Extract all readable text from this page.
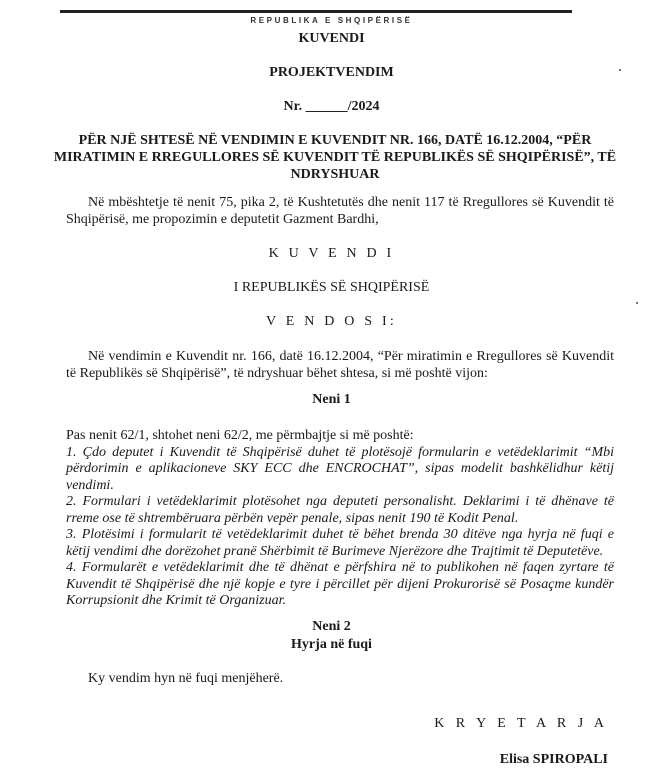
REPUBLIKA E SHQIPËRISË
KUVENDI
PROJEKTVENDIM
Nr. ______/2024
PËR NJË SHTESË NË VENDIMIN E KUVENDIT NR. 166, DATË 16.12.2004, “PËR MIRATIMIN E RREGULLORES SË KUVENDIT TË REPUBLIKËS SË SHQIPËRISË”, TË NDRYSHUAR
Në mbështetje të nenit 75, pika 2, të Kushtetutës dhe nenit 117 të Rregullores së Kuvendit të Shqipërisë, me propozimin e deputetit Gazment Bardhi,
K U V E N D I
I REPUBLIKËS SË SHQIPËRISË
V E N D O S I:
Në vendimin e Kuvendit nr. 166, datë 16.12.2004, “Për miratimin e Rregullores së Kuvendit të Republikës së Shqipërisë”, të ndryshuar bëhet shtesa, si më poshtë vijon:
Neni 1
Pas nenit 62/1, shtohet neni 62/2, me përmbajtje si më poshtë:
1. Çdo deputet i Kuvendit të Shqipërisë duhet të plotësojë formularin e vetëdeklarimit “Mbi përdorimin e aplikacioneve SKY ECC dhe ENCROCHAT”, sipas modelit bashkëlidhur këtij vendimi.
2. Formulari i vetëdeklarimit plotësohet nga deputeti personalisht. Deklarimi i të dhënave të rreme ose të shtrembëruara përbën vepër penale, sipas nenit 190 të Kodit Penal.
3. Plotësimi i formularit të vetëdeklarimit duhet të bëhet brenda 30 ditëve nga hyrja në fuqi e këtij vendimi dhe dorëzohet pranë Shërbimit të Burimeve Njerëzore dhe Trajtimit të Deputetëve.
4. Formularët e vetëdeklarimit dhe të dhënat e përfshira në to publikohen në faqen zyrtare të Kuvendit të Shqipërisë dhe një kopje e tyre i përcillet për dijeni Prokurorisë së Posaçme kundër Korrupsionit dhe Krimit të Organizuar.
Neni 2
Hyrja në fuqi
Ky vendim hyn në fuqi menjëherë.
K R Y E T A R J A
Elisa SPIROPALI
